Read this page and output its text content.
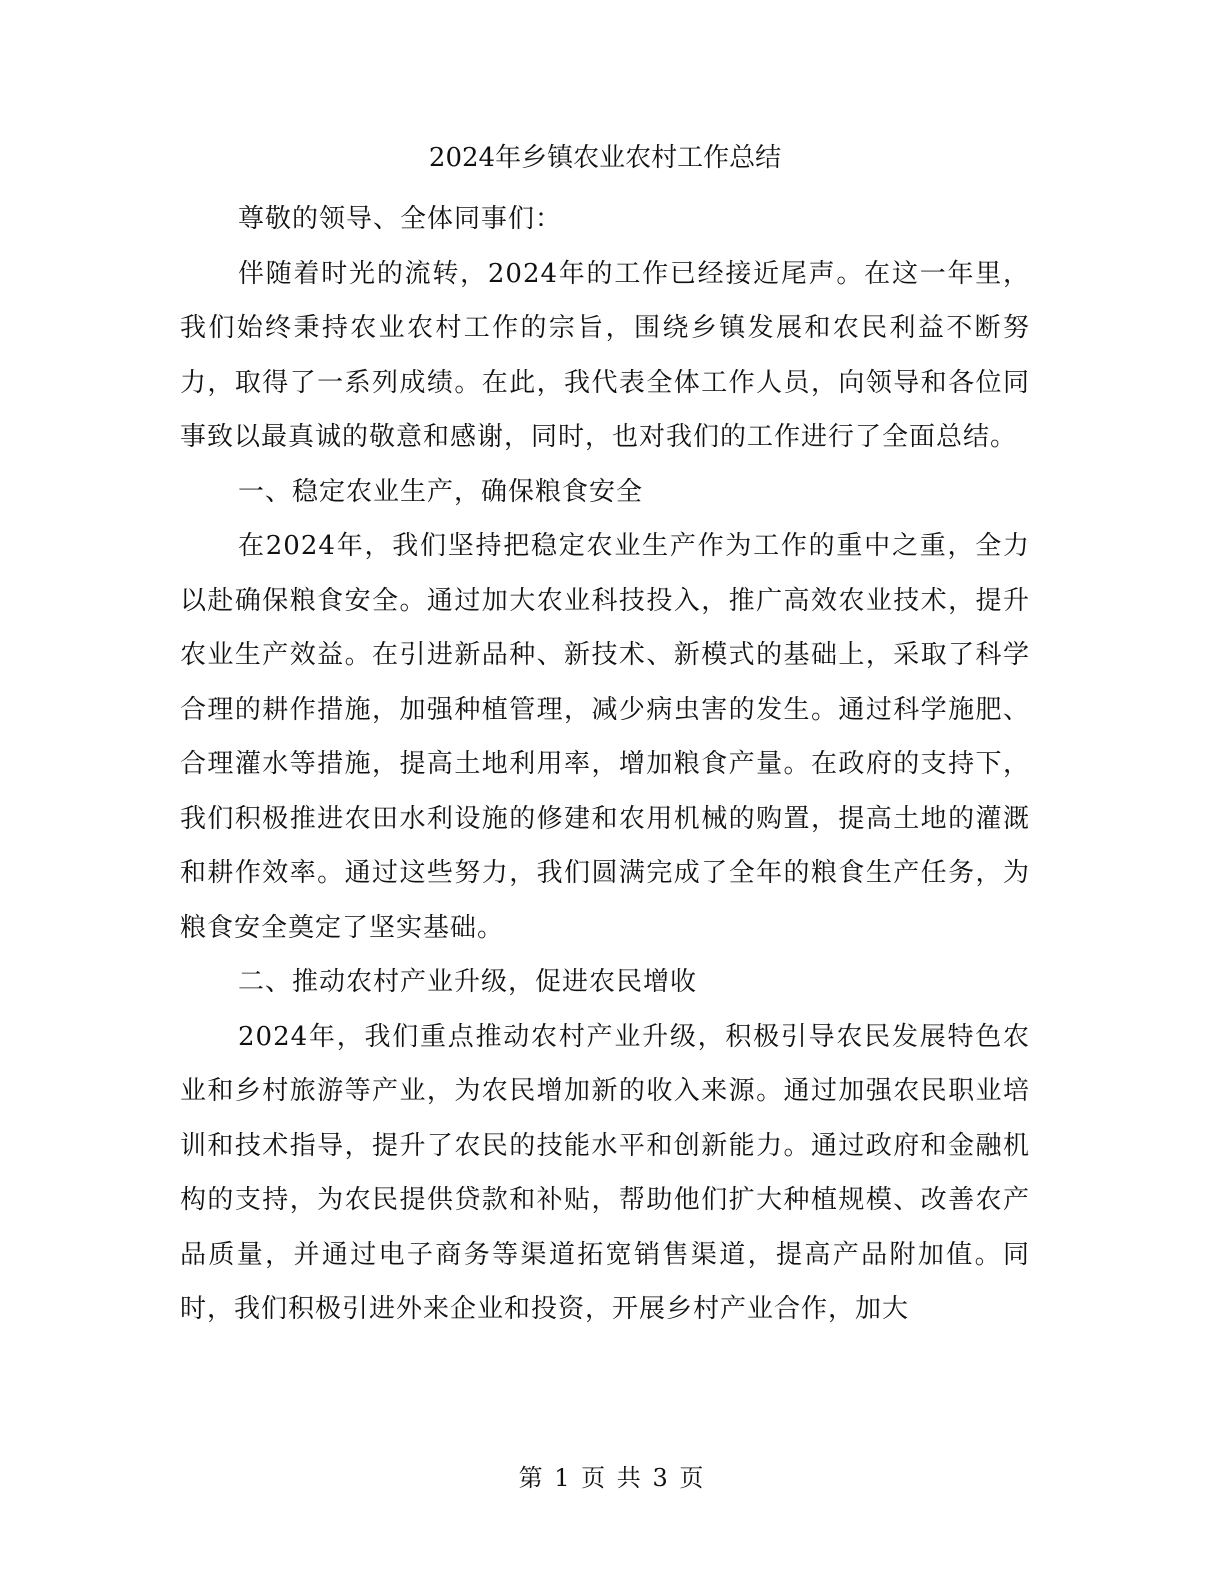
2024年乡镇农业农村工作总结

尊敬的领导、全体同事们：

伴随着时光的流转，2024年的工作已经接近尾声。在这一年里，我们始终秉持农业农村工作的宗旨，围绕乡镇发展和农民利益不断努力，取得了一系列成绩。在此，我代表全体工作人员，向领导和各位同事致以最真诚的敬意和感谢，同时，也对我们的工作进行了全面总结。

一、稳定农业生产，确保粮食安全

在2024年，我们坚持把稳定农业生产作为工作的重中之重，全力以赴确保粮食安全。通过加大农业科技投入，推广高效农业技术，提升农业生产效益。在引进新品种、新技术、新模式的基础上，采取了科学合理的耕作措施，加强种植管理，减少病虫害的发生。通过科学施肥、合理灌水等措施，提高土地利用率，增加粮食产量。在政府的支持下，我们积极推进农田水利设施的修建和农用机械的购置，提高土地的灌溉和耕作效率。通过这些努力，我们圆满完成了全年的粮食生产任务，为粮食安全奠定了坚实基础。

二、推动农村产业升级，促进农民增收

2024年，我们重点推动农村产业升级，积极引导农民发展特色农业和乡村旅游等产业，为农民增加新的收入来源。通过加强农民职业培训和技术指导，提升了农民的技能水平和创新能力。通过政府和金融机构的支持，为农民提供贷款和补贴，帮助他们扩大种植规模、改善农产品质量，并通过电子商务等渠道拓宽销售渠道，提高产品附加值。同时，我们积极引进外来企业和投资，开展乡村产业合作，加大

第 1 页 共 3 页
